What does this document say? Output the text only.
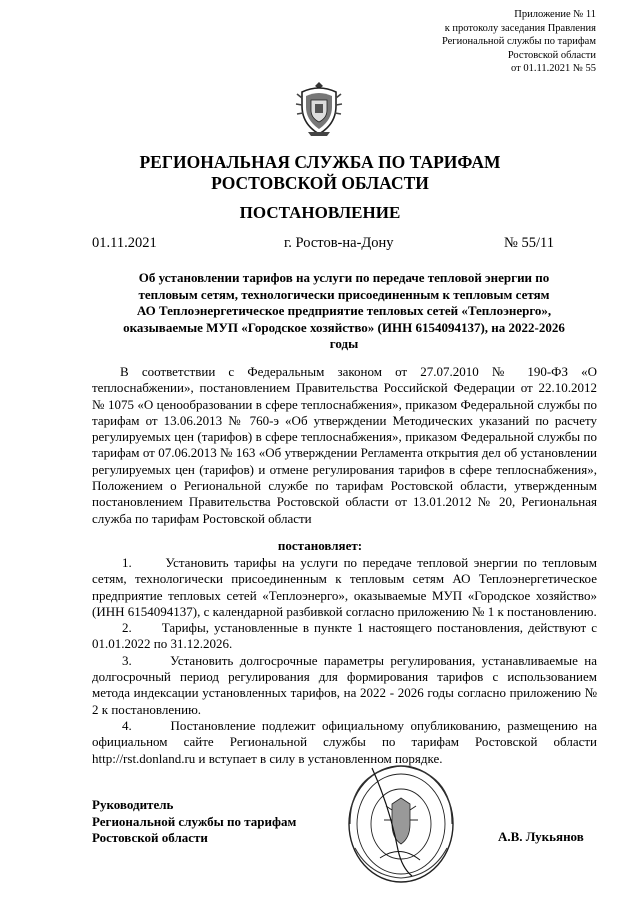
Приложение № 11
к протоколу заседания Правления
Региональной службы по тарифам
Ростовской области
от 01.11.2021 № 55
РЕГИОНАЛЬНАЯ СЛУЖБА ПО ТАРИФАМ
РОСТОВСКОЙ ОБЛАСТИ
ПОСТАНОВЛЕНИЕ
01.11.2021	г. Ростов-на-Дону	№ 55/11
Об установлении тарифов на услуги по передаче тепловой энергии по
тепловым сетям, технологически присоединенным к тепловым сетям
АО Теплоэнергетическое предприятие тепловых сетей «Теплоэнерго»,
оказываемые МУП «Городское хозяйство» (ИНН 6154094137), на 2022-2026
годы
В соответствии с Федеральным законом от 27.07.2010 № 190-ФЗ «О теплоснабжении», постановлением Правительства Российской Федерации от 22.10.2012 № 1075 «О ценообразовании в сфере теплоснабжения», приказом Федеральной службы по тарифам от 13.06.2013 № 760-э «Об утверждении Методических указаний по расчету регулируемых цен (тарифов) в сфере теплоснабжения», приказом Федеральной службы по тарифам от 07.06.2013 № 163 «Об утверждении Регламента открытия дел об установлении регулируемых цен (тарифов) и отмене регулирования тарифов в сфере теплоснабжения», Положением о Региональной службе по тарифам Ростовской области, утвержденным постановлением Правительства Ростовской области от 13.01.2012 № 20, Региональная служба по тарифам Ростовской области
постановляет:

1.      Установить тарифы на услуги по передаче тепловой энергии по тепловым сетям, технологически присоединенным к тепловым сетям АО Теплоэнергетическое предприятие тепловых сетей «Теплоэнерго», оказываемые МУП «Городское хозяйство» (ИНН 6154094137), с календарной разбивкой согласно приложению № 1 к постановлению.

2.      Тарифы, установленные в пункте 1 настоящего постановления, действуют с 01.01.2022 по 31.12.2026.

3.      Установить долгосрочные параметры регулирования, устанавливаемые на долгосрочный период регулирования для формирования тарифов с использованием метода индексации установленных тарифов, на 2022 - 2026 годы согласно приложению № 2 к постановлению.

4.      Постановление подлежит официальному опубликованию, размещению на официальном сайте Региональной службы по тарифам Ростовской области http://rst.donland.ru и вступает в силу в установленном порядке.

Руководитель
Региональной службы по тарифам
Ростовской области	А.В. Лукьянов
